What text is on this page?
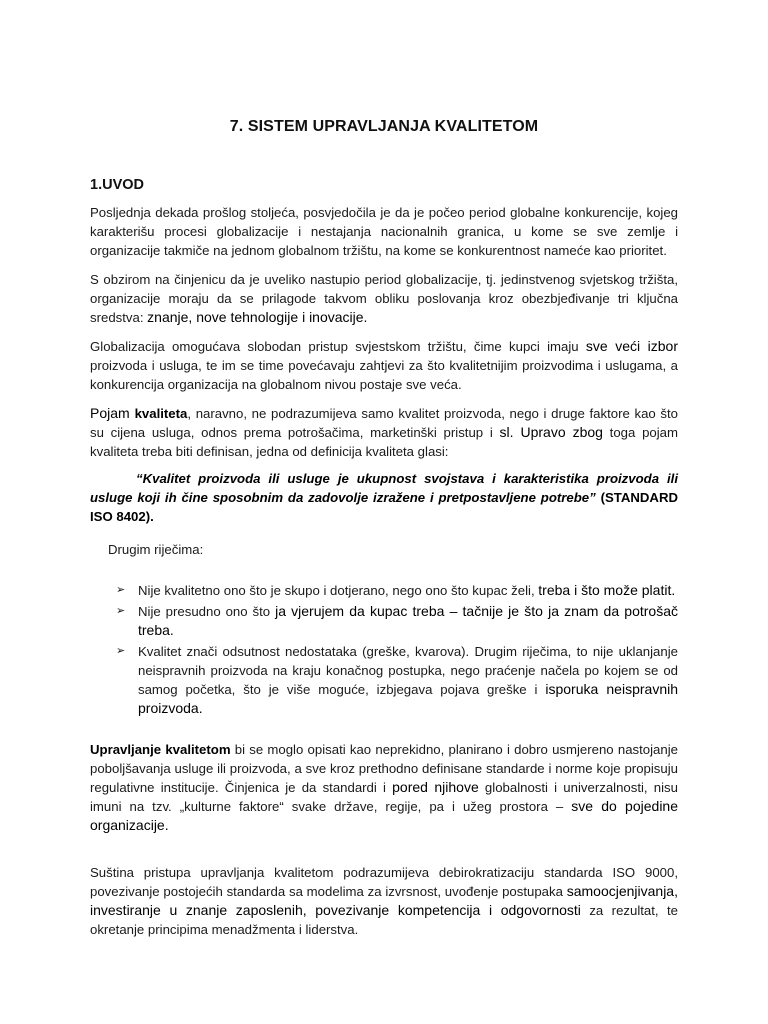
7. SISTEM UPRAVLJANJA KVALITETOM
1.UVOD

Posljednja dekada prošlog stoljeća, posvjedočila je da je počeo period globalne konkurencije, kojeg karakterišu procesi globalizacije i nestajanja nacionalnih granica, u kome se sve zemlje i organizacije takmiče na jednom globalnom tržištu, na kome se konkurentnost nameće kao prioritet.

S obzirom na činjenicu da je uveliko nastupio period globalizacije, tj. jedinstvenog svjetskog tržišta, organizacije moraju da se prilagode takvom obliku poslovanja kroz obezbjeđivanje tri ključna sredstva: znanje, nove tehnologije i inovacije.

Globalizacija omogućava slobodan pristup svjestskom tržištu, čime kupci imaju sve veći izbor proizvoda i usluga, te im se time povećavaju zahtjevi za što kvalitetnijim proizvodima i uslugama, a konkurencija organizacija na globalnom nivou postaje sve veća.

Pojam kvaliteta, naravno, ne podrazumijeva samo kvalitet proizvoda, nego i druge faktore kao što su cijena usluga, odnos prema potrošačima, marketinški pristup i sl. Upravo zbog toga pojam kvaliteta treba biti definisan, jedna od definicija kvaliteta glasi:

“Kvalitet proizvoda ili usluge je ukupnost svojstava i karakteristika proizvoda ili usluge koji ih čine sposobnim da zadovolje izražene i pretpostavljene potrebe” (STANDARD ISO 8402).
Drugim riječima:
➢ Nije kvalitetno ono što je skupo i dotjerano, nego ono što kupac želi, treba i što može platit.
➢ Nije presudno ono što ja vjerujem da kupac treba – tačnije je što ja znam da potrošač treba.
➢ Kvalitet znači odsutnost nedostataka (greške, kvarova). Drugim riječima, to nije uklanjanje neispravnih proizvoda na kraju konačnog postupka, nego praćenje načela po kojem se od samog početka, što je više moguće, izbjegava pojava greške i isporuka neispravnih proizvoda.

Upravljanje kvalitetom bi se moglo opisati kao neprekidno, planirano i dobro usmjereno nastojanje poboljšavanja usluge ili proizvoda, a sve kroz prethodno definisane standarde i norme koje propisuju regulativne institucije. Činjenica je da standardi i pored njihove globalnosti i univerzalnosti, nisu imuni na tzv. „kulturne faktore“ svake države, regije, pa i užeg prostora – sve do pojedine organizacije.

Suština pristupa upravljanja kvalitetom podrazumijeva debirokratizaciju standarda ISO 9000, povezivanje postojećih standarda sa modelima za izvrsnost, uvođenje postupaka samoocjenjivanja, investiranje u znanje zaposlenih, povezivanje kompetencija i odgovornosti za rezultat, te okretanje principima menadžmenta i liderstva.
